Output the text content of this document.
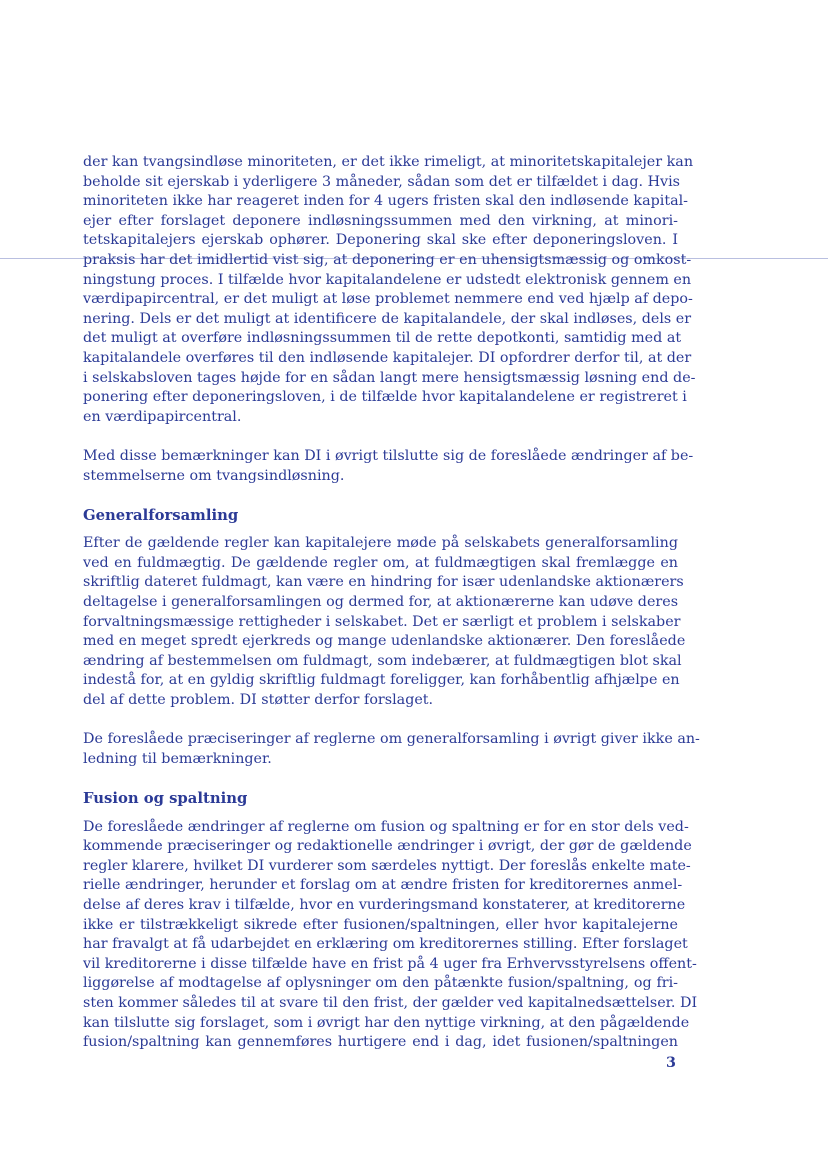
der kan tvangsindløse minoriteten, er det ikke rimeligt, at minoritetskapitalejer kan
beholde sit ejerskab i yderligere 3 måneder, sådan som det er tilfældet i dag. Hvis
minoriteten ikke har reageret inden for 4 ugers fristen skal den indløsende kapital-
ejer efter forslaget deponere indløsningssummen med den virkning, at minori-
tetskapitalejers ejerskab ophører. Deponering skal ske efter deponeringsloven. I
praksis har det imidlertid vist sig, at deponering er en uhensigtsmæssig og omkost-
ningstung proces. I tilfælde hvor kapitalandelene er udstedt elektronisk gennem en
værdipapircentral, er det muligt at løse problemet nemmere end ved hjælp af depo-
nering. Dels er det muligt at identificere de kapitalandele, der skal indløses, dels er
det muligt at overføre indløsningssummen til de rette depotkonti, samtidig med at
kapitalandele overføres til den indløsende kapitalejer. DI opfordrer derfor til, at der
i selskabsloven tages højde for en sådan langt mere hensigtsmæssig løsning end de-
ponering efter deponeringsloven, i de tilfælde hvor kapitalandelene er registreret i
en værdipapircentral.
Med disse bemærkninger kan DI i øvrigt tilslutte sig de foreslåede ændringer af be-
stemmelserne om tvangsindløsning.
Generalforsamling
Efter de gældende regler kan kapitalejere møde på selskabets generalforsamling
ved en fuldmægtig. De gældende regler om, at fuldmægtigen skal fremlægge en
skriftlig dateret fuldmagt, kan være en hindring for især udenlandske aktionærers
deltagelse i generalforsamlingen og dermed for, at aktionærerne kan udøve deres
forvaltningsmæssige rettigheder i selskabet. Det er særligt et problem i selskaber
med en meget spredt ejerkreds og mange udenlandske aktionærer. Den foreslåede
ændring af bestemmelsen om fuldmagt, som indebærer, at fuldmægtigen blot skal
indestå for, at en gyldig skriftlig fuldmagt foreligger, kan forhåbentlig afhjælpe en
del af dette problem. DI støtter derfor forslaget.
De foreslåede præciseringer af reglerne om generalforsamling i øvrigt giver ikke an-
ledning til bemærkninger.
Fusion og spaltning
De foreslåede ændringer af reglerne om fusion og spaltning er for en stor dels ved-
kommende præciseringer og redaktionelle ændringer i øvrigt, der gør de gældende
regler klarere, hvilket DI vurderer som særdeles nyttigt. Der foreslås enkelte mate-
rielle ændringer, herunder et forslag om at ændre fristen for kreditorernes anmel-
delse af deres krav i tilfælde, hvor en vurderingsmand konstaterer, at kreditorerne
ikke er tilstrækkeligt sikrede efter fusionen/spaltningen, eller hvor kapitalejerne
har fravalgt at få udarbejdet en erklæring om kreditorernes stilling. Efter forslaget
vil kreditorerne i disse tilfælde have en frist på 4 uger fra Erhvervsstyrelsens offent-
liggørelse af modtagelse af oplysninger om den påtænkte fusion/spaltning, og fri-
sten kommer således til at svare til den frist, der gælder ved kapitalnedsættelser. DI
kan tilslutte sig forslaget, som i øvrigt har den nyttige virkning, at den pågældende
fusion/spaltning kan gennemføres hurtigere end i dag, idet fusionen/spaltningen
3
